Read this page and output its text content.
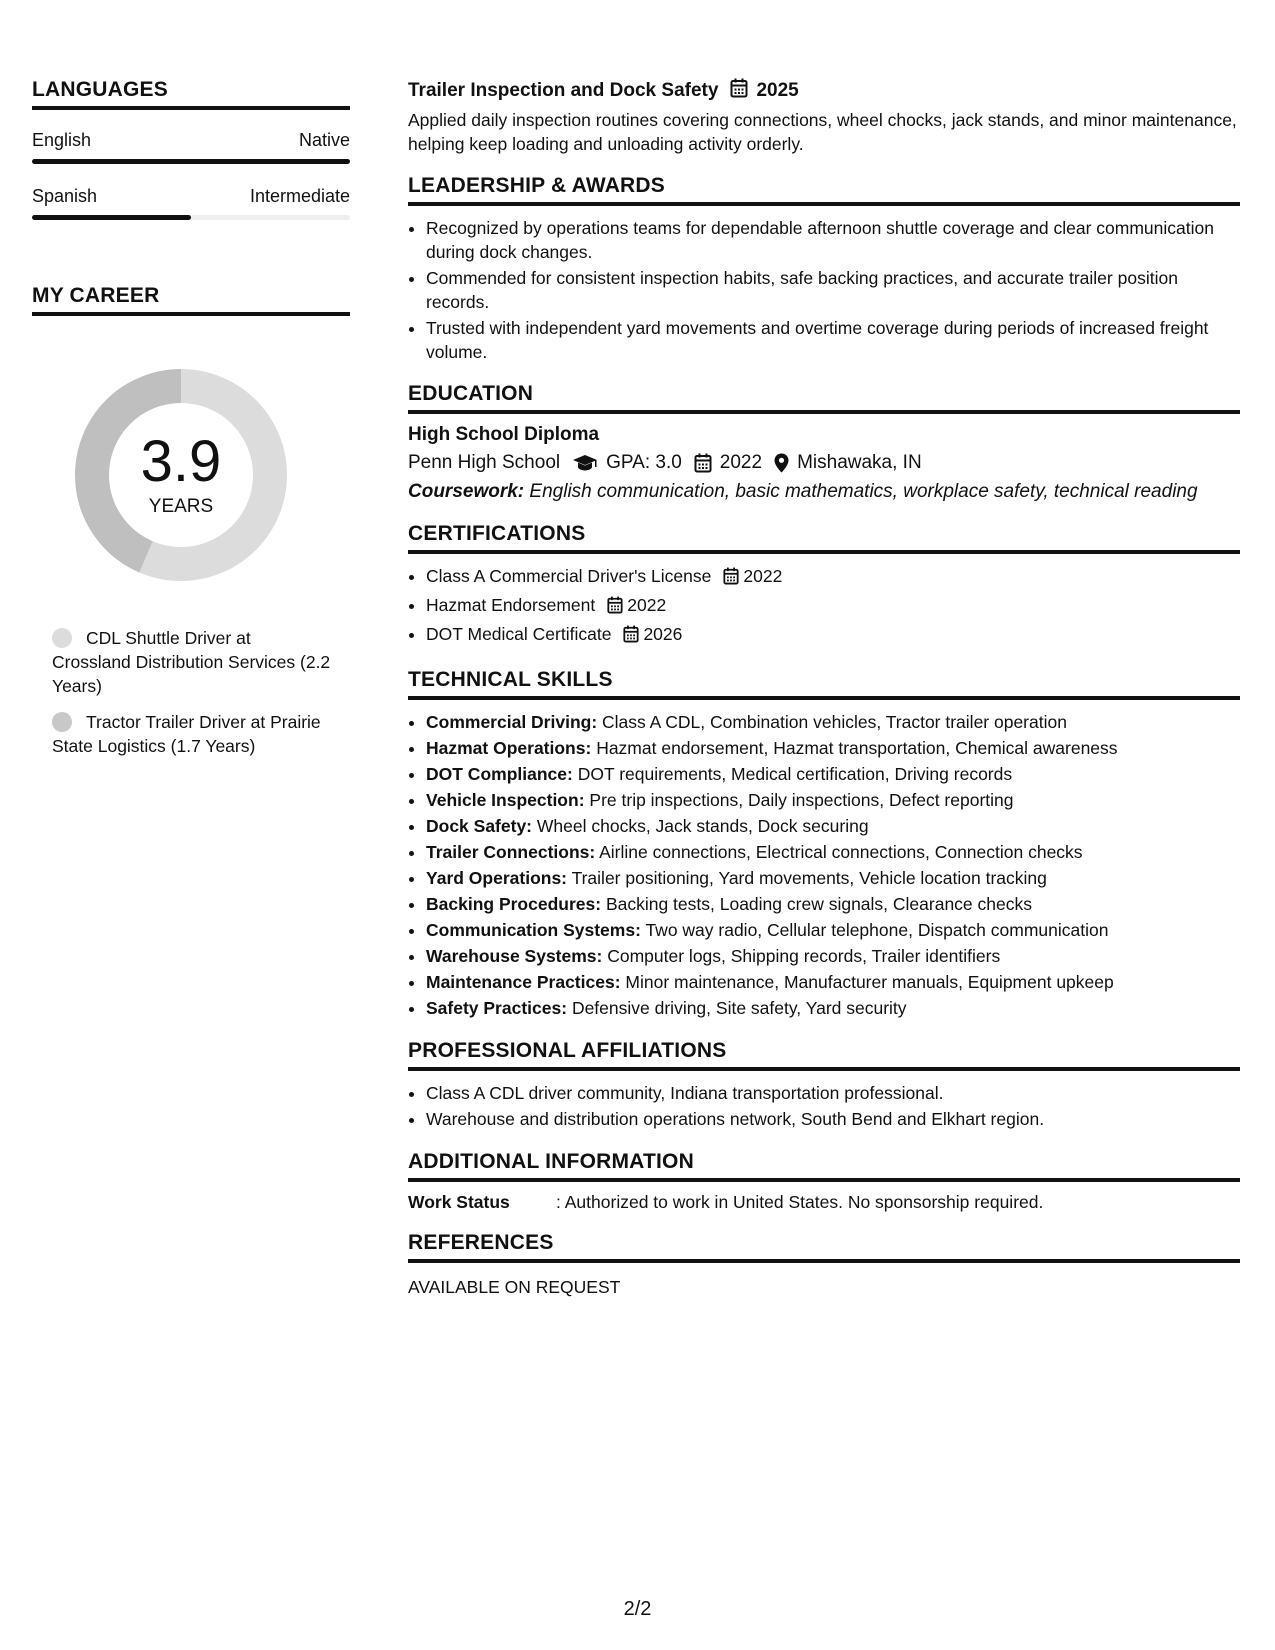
LANGUAGES
English	Native
Spanish	Intermediate
MY CAREER
3.9
YEARS
CDL Shuttle Driver at Crossland Distribution Services (2.2 Years)
Tractor Trailer Driver at Prairie State Logistics (1.7 Years)
Trailer Inspection and Dock Safety 2025
Applied daily inspection routines covering connections, wheel chocks, jack stands, and minor maintenance, helping keep loading and unloading activity orderly.
LEADERSHIP & AWARDS
• Recognized by operations teams for dependable afternoon shuttle coverage and clear communication during dock changes.
• Commended for consistent inspection habits, safe backing practices, and accurate trailer position records.
• Trusted with independent yard movements and overtime coverage during periods of increased freight volume.
EDUCATION
High School Diploma
Penn High School GPA: 3.0 2022 Mishawaka, IN
Coursework: English communication, basic mathematics, workplace safety, technical reading
CERTIFICATIONS
• Class A Commercial Driver's License 2022
• Hazmat Endorsement 2022
• DOT Medical Certificate 2026
TECHNICAL SKILLS
• Commercial Driving: Class A CDL, Combination vehicles, Tractor trailer operation
• Hazmat Operations: Hazmat endorsement, Hazmat transportation, Chemical awareness
• DOT Compliance: DOT requirements, Medical certification, Driving records
• Vehicle Inspection: Pre trip inspections, Daily inspections, Defect reporting
• Dock Safety: Wheel chocks, Jack stands, Dock securing
• Trailer Connections: Airline connections, Electrical connections, Connection checks
• Yard Operations: Trailer positioning, Yard movements, Vehicle location tracking
• Backing Procedures: Backing tests, Loading crew signals, Clearance checks
• Communication Systems: Two way radio, Cellular telephone, Dispatch communication
• Warehouse Systems: Computer logs, Shipping records, Trailer identifiers
• Maintenance Practices: Minor maintenance, Manufacturer manuals, Equipment upkeep
• Safety Practices: Defensive driving, Site safety, Yard security
PROFESSIONAL AFFILIATIONS
• Class A CDL driver community, Indiana transportation professional.
• Warehouse and distribution operations network, South Bend and Elkhart region.
ADDITIONAL INFORMATION
Work Status	: Authorized to work in United States. No sponsorship required.
REFERENCES
AVAILABLE ON REQUEST
2/2
